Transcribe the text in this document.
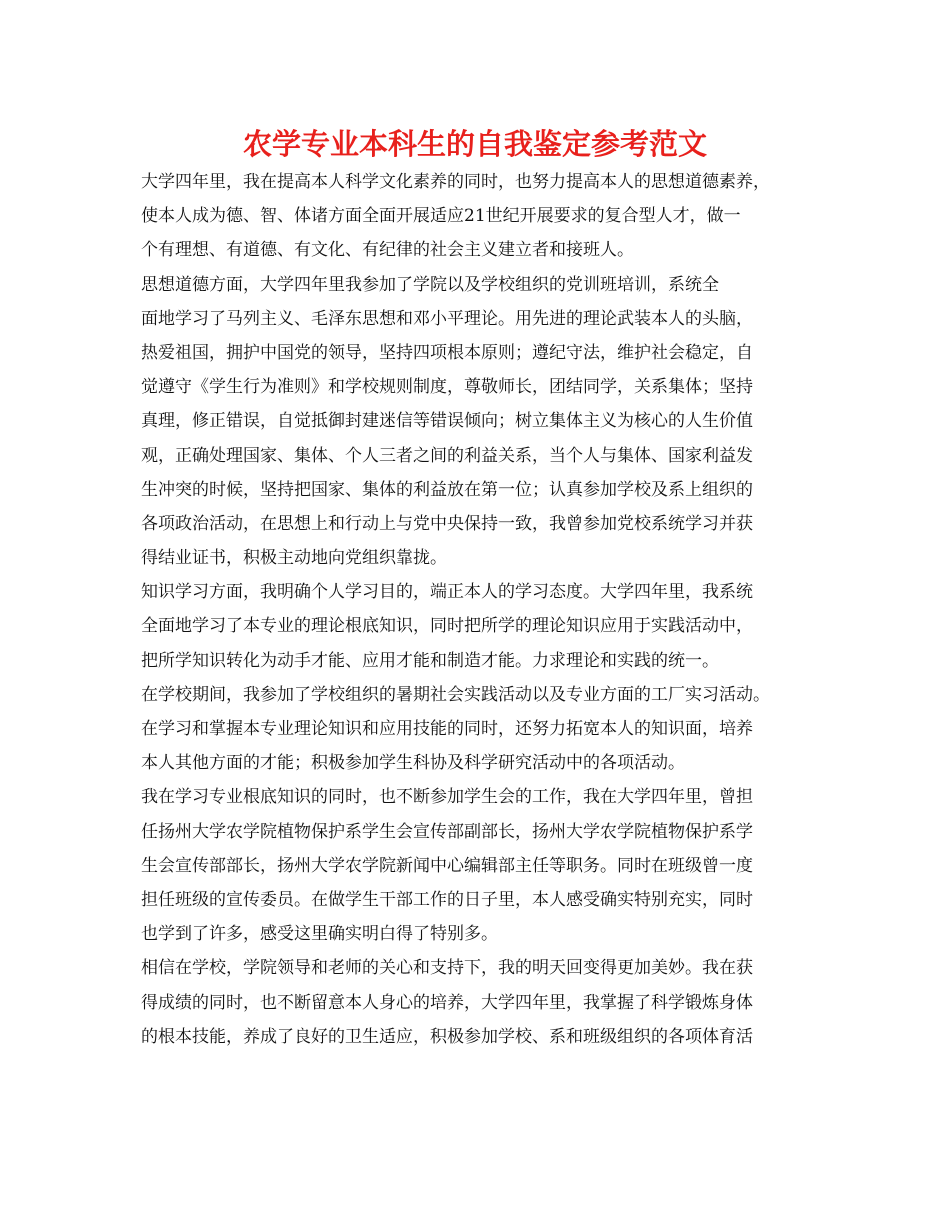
农学专业本科生的自我鉴定参考范文
大学四年里，我在提高本人科学文化素养的同时，也努力提高本人的思想道德素养，
使本人成为德、智、体诸方面全面开展适应21世纪开展要求的复合型人才，做一
个有理想、有道德、有文化、有纪律的社会主义建立者和接班人。
思想道德方面，大学四年里我参加了学院以及学校组织的党训班培训，系统全
面地学习了马列主义、毛泽东思想和邓小平理论。用先进的理论武装本人的头脑，
热爱祖国，拥护中国党的领导，坚持四项根本原则；遵纪守法，维护社会稳定，自
觉遵守《学生行为准则》和学校规则制度，尊敬师长，团结同学，关系集体；坚持
真理，修正错误，自觉抵御封建迷信等错误倾向；树立集体主义为核心的人生价值
观，正确处理国家、集体、个人三者之间的利益关系，当个人与集体、国家利益发
生冲突的时候，坚持把国家、集体的利益放在第一位；认真参加学校及系上组织的
各项政治活动，在思想上和行动上与党中央保持一致，我曾参加党校系统学习并获
得结业证书，积极主动地向党组织靠拢。
知识学习方面，我明确个人学习目的，端正本人的学习态度。大学四年里，我系统
全面地学习了本专业的理论根底知识，同时把所学的理论知识应用于实践活动中，
把所学知识转化为动手才能、应用才能和制造才能。力求理论和实践的统一。
在学校期间，我参加了学校组织的暑期社会实践活动以及专业方面的工厂实习活动。
在学习和掌握本专业理论知识和应用技能的同时，还努力拓宽本人的知识面，培养
本人其他方面的才能；积极参加学生科协及科学研究活动中的各项活动。
我在学习专业根底知识的同时，也不断参加学生会的工作，我在大学四年里，曾担
任扬州大学农学院植物保护系学生会宣传部副部长，扬州大学农学院植物保护系学
生会宣传部部长，扬州大学农学院新闻中心编辑部主任等职务。同时在班级曾一度
担任班级的宣传委员。在做学生干部工作的日子里，本人感受确实特别充实，同时
也学到了许多，感受这里确实明白得了特别多。
相信在学校，学院领导和老师的关心和支持下，我的明天回变得更加美妙。我在获
得成绩的同时，也不断留意本人身心的培养，大学四年里，我掌握了科学锻炼身体
的根本技能，养成了良好的卫生适应，积极参加学校、系和班级组织的各项体育活
